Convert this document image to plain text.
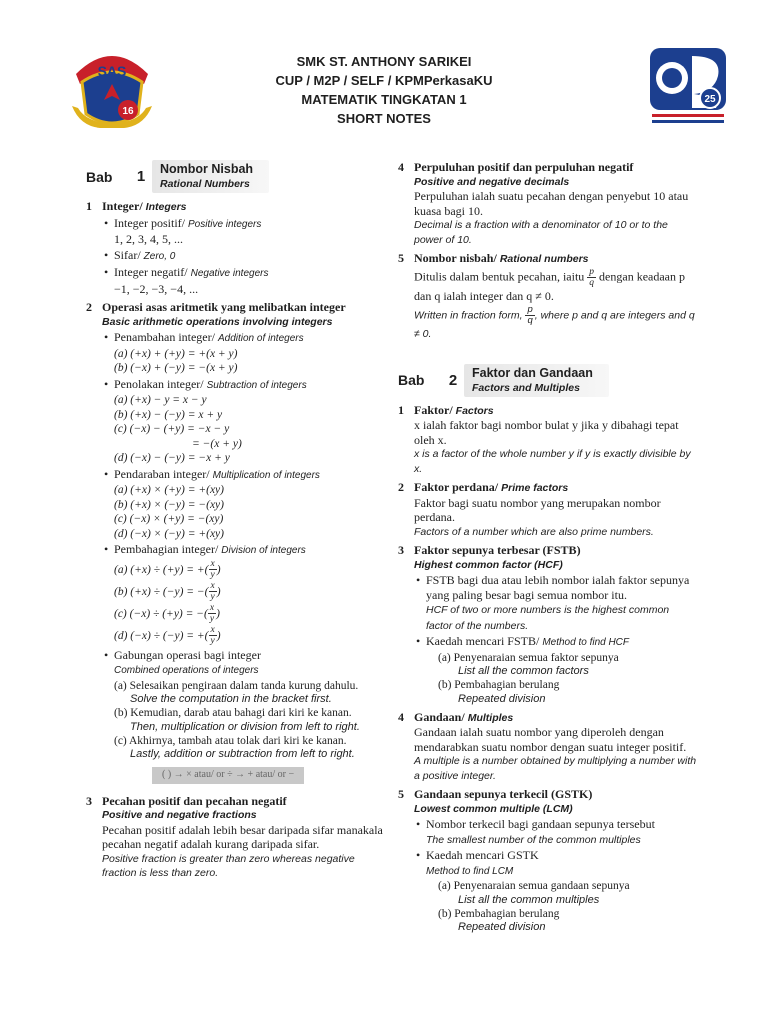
16
SAS
25
SMK ST. ANTHONY SARIKEI
CUP / M2P / SELF / KPMPerkasaKU
MATEMATIK TINGKATAN 1
SHORT NOTES
Bab	1	Nombor Nisbah
Rational Numbers
1 Integer/ Integers
• Integer positif/ Positive integers
1, 2, 3, 4, 5, ...
• Sifar/ Zero, 0
• Integer negatif/ Negative integers
−1, −2, −3, −4, ...
2 Operasi asas aritmetik yang melibatkan integer
Basic arithmetic operations involving integers
• Penambahan integer/ Addition of integers
(a) (+x) + (+y) = +(x + y)
(b) (−x) + (−y) = −(x + y)
• Penolakan integer/ Subtraction of integers
(a) (+x) − y = x − y
(b) (+x) − (−y) = x + y
(c) (−x) − (+y) = −x − y
= −(x + y)
(d) (−x) − (−y) = −x + y
• Pendaraban integer/ Multiplication of integers
(a) (+x) × (+y) = +(xy)
(b) (+x) × (−y) = −(xy)
(c) (−x) × (+y) = −(xy)
(d) (−x) × (−y) = +(xy)
• Pembahagian integer/ Division of integers
(a) (+x) ÷ (+y) = +( $\frac{x}{y}$ )
(b) (+x) ÷ (−y) = −( $\frac{x}{y}$ )
(c) (−x) ÷ (+y) = −( $\frac{x}{y}$ )
(d) (−x) ÷ (−y) = +( $\frac{x}{y}$ )
• Gabungan operasi bagi integer
Combined operations of integers
(a) Selesaikan pengiraan dalam tanda kurung dahulu.
Solve the computation in the bracket first.
(b) Kemudian, darab atau bahagi dari kiri ke kanan.
Then, multiplication or division from left to right.
(c) Akhirnya, tambah atau tolak dari kiri ke kanan.
Lastly, addition or subtraction from left to right.
( ) → × atau/ or ÷ → + atau/ or −
3 Pecahan positif dan pecahan negatif
Positive and negative fractions
Pecahan positif adalah lebih besar daripada sifar manakala pecahan negatif adalah kurang daripada sifar.
Positive fraction is greater than zero whereas negative fraction is less than zero.
4 Perpuluhan positif dan perpuluhan negatif
Positive and negative decimals
Perpuluhan ialah suatu pecahan dengan penyebut 10 atau kuasa bagi 10.
Decimal is a fraction with a denominator of 10 or to the power of 10.
5 Nombor nisbah/ Rational numbers
Ditulis dalam bentuk pecahan, iaitu $\frac{p}{q}$ dengan keadaan p dan q ialah integer dan q ≠ 0.
Written in fraction form, $\frac{p}{q}$ , where p and q are integers and q ≠ 0.
Bab	2	Faktor dan Gandaan
Factors and Multiples
1 Faktor/ Factors
x ialah faktor bagi nombor bulat y jika y dibahagi tepat oleh x.
x is a factor of the whole number y if y is exactly divisible by x.
2 Faktor perdana/ Prime factors
Faktor bagi suatu nombor yang merupakan nombor perdana.
Factors of a number which are also prime numbers.
3 Faktor sepunya terbesar (FSTB)
Highest common factor (HCF)
• FSTB bagi dua atau lebih nombor ialah faktor sepunya yang paling besar bagi semua nombor itu.
HCF of two or more numbers is the highest common factor of the numbers.
• Kaedah mencari FSTB/ Method to find HCF
(a) Penyenaraian semua faktor sepunya
List all the common factors
(b) Pembahagian berulang
Repeated division
4 Gandaan/ Multiples
Gandaan ialah suatu nombor yang diperoleh dengan mendarabkan suatu nombor dengan suatu integer positif.
A multiple is a number obtained by multiplying a number with a positive integer.
5 Gandaan sepunya terkecil (GSTK)
Lowest common multiple (LCM)
• Nombor terkecil bagi gandaan sepunya tersebut
The smallest number of the common multiples
• Kaedah mencari GSTK
Method to find LCM
(a) Penyenaraian semua gandaan sepunya
List all the common multiples
(b) Pembahagian berulang
Repeated division
